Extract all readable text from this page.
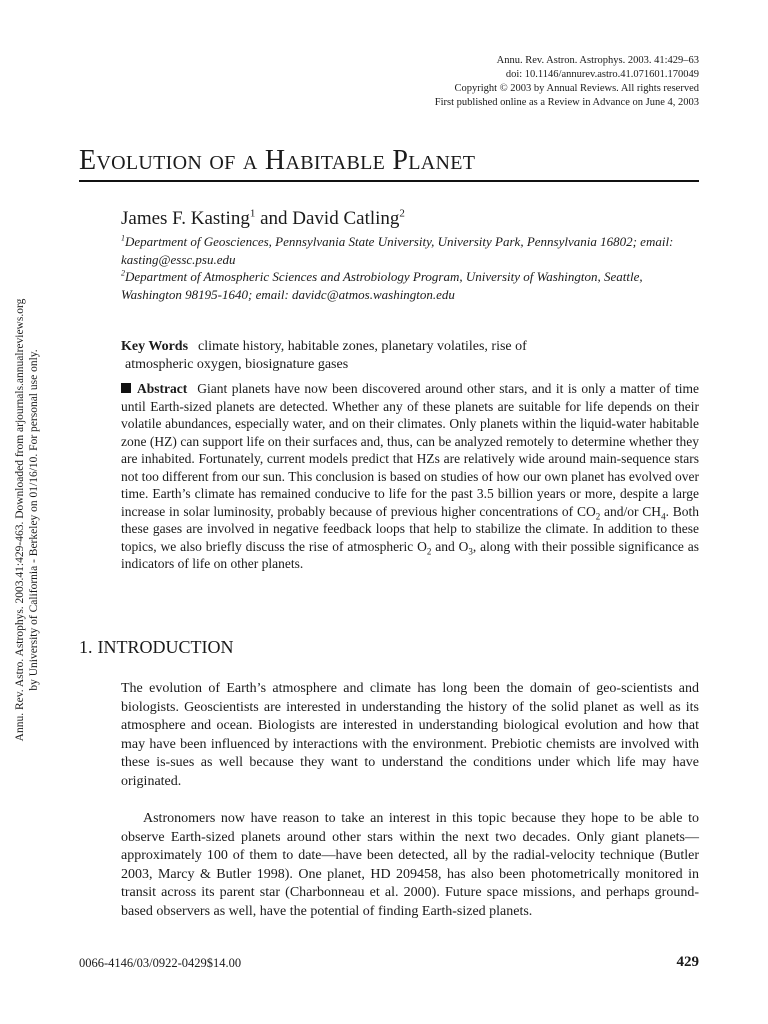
Annu. Rev. Astron. Astrophys. 2003. 41:429–63
doi: 10.1146/annurev.astro.41.071601.170049
Copyright © 2003 by Annual Reviews. All rights reserved
First published online as a Review in Advance on June 4, 2003
Evolution of a Habitable Planet
James F. Kasting$^1$ and David Catling$^2$
$^1$Department of Geosciences, Pennsylvania State University, University Park, Pennsylvania 16802; email: kasting@essc.psu.edu
$^2$Department of Atmospheric Sciences and Astrobiology Program, University of Washington, Seattle, Washington 98195-1640; email: davidc@atmos.washington.edu
Key Words climate history, habitable zones, planetary volatiles, rise of
atmospheric oxygen, biosignature gases
Abstract Giant planets have now been discovered around other stars, and it is only a matter of time until Earth-sized planets are detected. Whether any of these planets are suitable for life depends on their volatile abundances, especially water, and on their climates. Only planets within the liquid-water habitable zone (HZ) can support life on their surfaces and, thus, can be analyzed remotely to determine whether they are inhabited. Fortunately, current models predict that HZs are relatively wide around main-sequence stars not too different from our sun. This conclusion is based on studies of how our own planet has evolved over time. Earth’s climate has remained conducive to life for the past 3.5 billion years or more, despite a large increase in solar luminosity, probably because of previous higher concentrations of $CO_2$ and/or $CH_4$. Both these gases are involved in negative feedback loops that help to stabilize the climate. In addition to these topics, we also briefly discuss the rise of atmospheric $O_2$ and $O_3$, along with their possible significance as indicators of life on other planets.
1. INTRODUCTION
The evolution of Earth’s atmosphere and climate has long been the domain of geo-scientists and biologists. Geoscientists are interested in understanding the history of the solid planet as well as its atmosphere and ocean. Biologists are interested in understanding biological evolution and how that may have been influenced by interactions with the environment. Prebiotic chemists are involved with these is-sues as well because they want to understand the conditions under which life may have originated.
Astronomers now have reason to take an interest in this topic because they hope to be able to observe Earth-sized planets around other stars within the next two decades. Only giant planets—approximately 100 of them to date—have been detected, all by the radial-velocity technique (Butler 2003, Marcy & Butler 1998). One planet, HD 209458, has also been photometrically monitored in transit across its parent star (Charbonneau et al. 2000). Future space missions, and perhaps ground-based observers as well, have the potential of finding Earth-sized planets.
0066-4146/03/0922-0429$14.00	429
Annu. Rev. Astro. Astrophys. 2003.41:429-463. Downloaded from arjournals.annualreviews.org by University of California - Berkeley on 01/16/10. For personal use only.
